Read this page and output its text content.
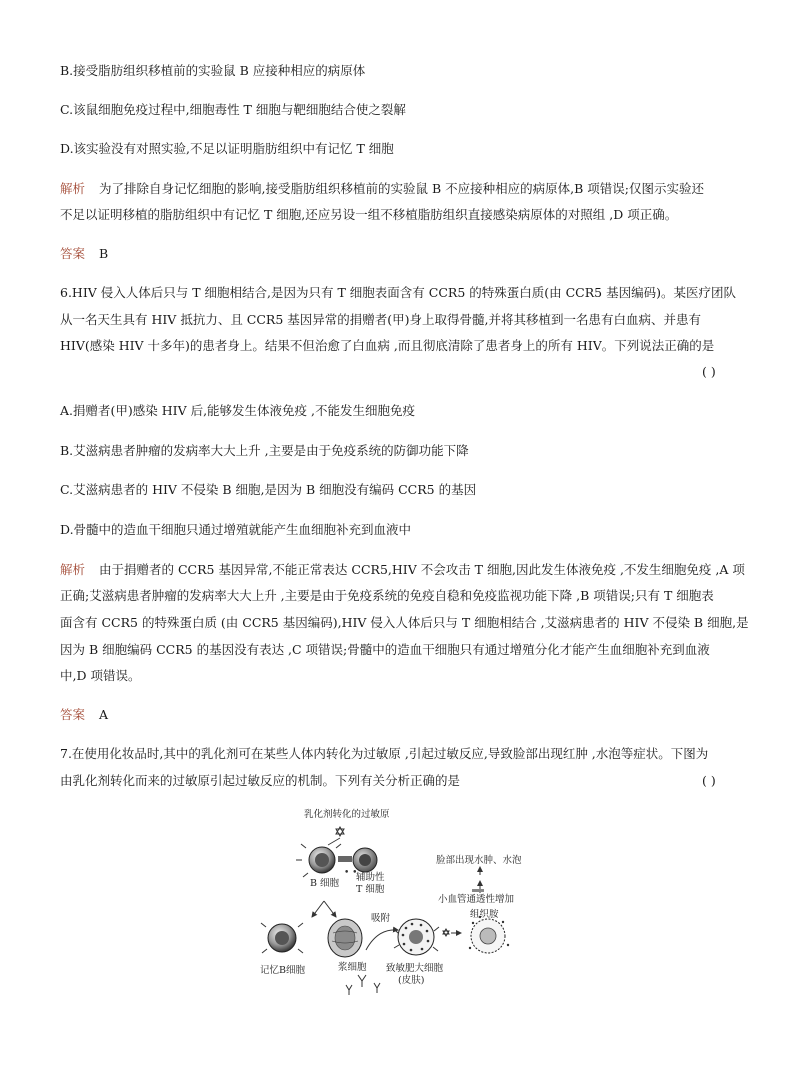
B.接受脂肪组织移植前的实验鼠 B 应接种相应的病原体
C.该鼠细胞免疫过程中,细胞毒性 T 细胞与靶细胞结合使之裂解
D.该实验没有对照实验,不足以证明脂肪组织中有记忆 T 细胞
解析 为了排除自身记忆细胞的影响,接受脂肪组织移植前的实验鼠 B 不应接种相应的病原体,B 项错误;仅图示实验还
不足以证明移植的脂肪组织中有记忆 T 细胞,还应另设一组不移植脂肪组织直接感染病原体的对照组 ,D 项正确。
答案 B
6.HIV 侵入人体后只与 T 细胞相结合,是因为只有 T 细胞表面含有 CCR5 的特殊蛋白质(由 CCR5 基因编码)。某医疗团队
从一名天生具有 HIV 抵抗力、且 CCR5 基因异常的捐赠者(甲)身上取得骨髓,并将其移植到一名患有白血病、并患有
HIV(感染 HIV 十多年)的患者身上。结果不但治愈了白血病 ,而且彻底清除了患者身上的所有 HIV。下列说法正确的是
( )
A.捐赠者(甲)感染 HIV 后,能够发生体液免疫 ,不能发生细胞免疫
B.艾滋病患者肿瘤的发病率大大上升 ,主要是由于免疫系统的防御功能下降
C.艾滋病患者的 HIV 不侵染 B 细胞,是因为 B 细胞没有编码 CCR5 的基因
D.骨髓中的造血干细胞只通过增殖就能产生血细胞补充到血液中
解析 由于捐赠者的 CCR5 基因异常,不能正常表达 CCR5,HIV 不会攻击 T 细胞,因此发生体液免疫 ,不发生细胞免疫 ,A 项
正确;艾滋病患者肿瘤的发病率大大上升 ,主要是由于免疫系统的免疫自稳和免疫监视功能下降 ,B 项错误;只有 T 细胞表
面含有 CCR5 的特殊蛋白质 (由 CCR5 基因编码),HIV 侵入人体后只与 T 细胞相结合 ,艾滋病患者的 HIV 不侵染 B 细胞,是
因为 B 细胞编码 CCR5 的基因没有表达 ,C 项错误;骨髓中的造血干细胞只有通过增殖分化才能产生血细胞补充到血液
中,D 项错误。
答案 A
7.在使用化妆品时,其中的乳化剂可在某些人体内转化为过敏原 ,引起过敏反应,导致脸部出现红肿 ,水泡等症状。下图为
由乳化剂转化而来的过敏原引起过敏反应的机制。下列有关分析正确的是	( )
乳化剂转化的过敏原
• •
B 细胞
辅助性
T 细胞
记忆B细胞	浆细胞
吸附
致敏肥大细胞
(皮肤)
组织胺
小血管通透性增加
脸部出现水肿、水泡
